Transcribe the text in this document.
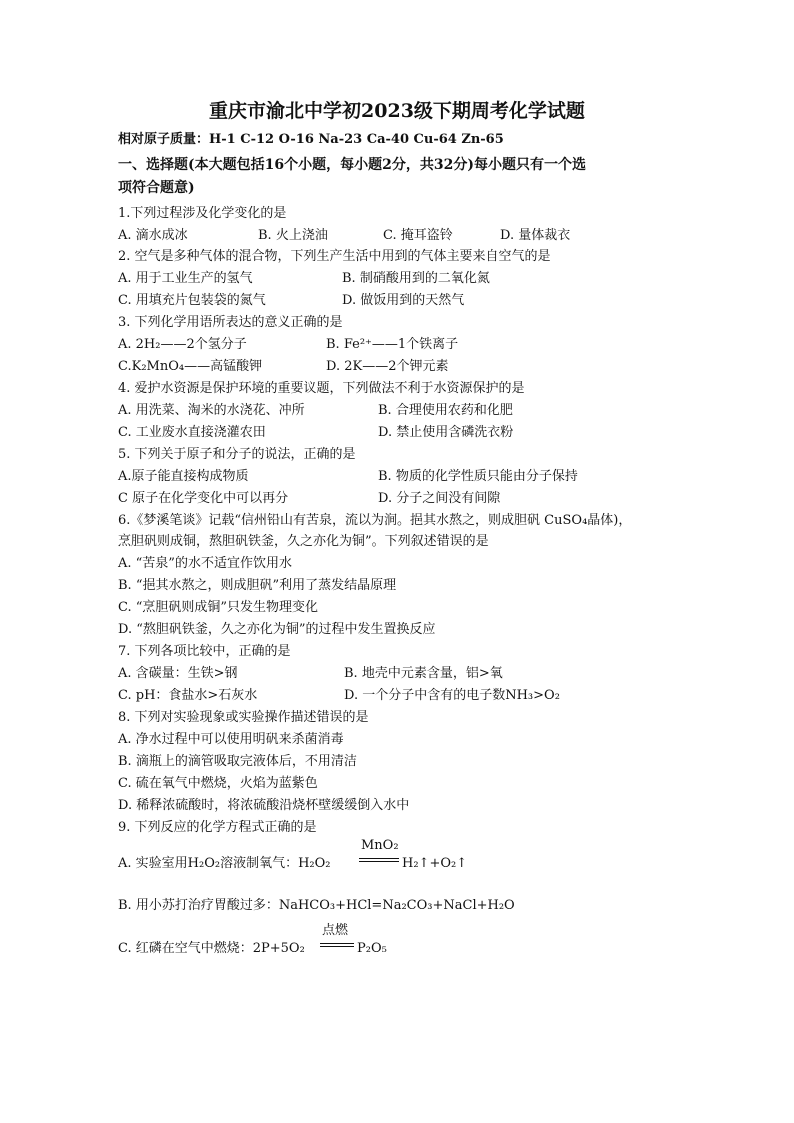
重庆市渝北中学初2023级下期周考化学试题
相对原子质量：H-1 C-12 O-16 Na-23 Ca-40 Cu-64 Zn-65
一、选择题(本大题包括16个小题，每小题2分，共32分)每小题只有一个选
项符合题意)
1.下列过程涉及化学变化的是
A. 滴水成冰	B. 火上浇油	C. 掩耳盗铃	D. 量体裁衣
2. 空气是多种气体的混合物，下列生产生活中用到的气体主要来自空气的是
A. 用于工业生产的氢气	B. 制硝酸用到的二氧化氮
C. 用填充片包装袋的氮气	D. 做饭用到的天然气
3. 下列化学用语所表达的意义正确的是
A. 2H₂——2个氢分子	B. Fe²⁺——1个铁离子
C.K₂MnO₄——高锰酸钾	D. 2K——2个钾元素
4. 爱护水资源是保护环境的重要议题，下列做法不利于水资源保护的是
A. 用洗菜、淘米的水浇花、冲所	B. 合理使用农药和化肥
C. 工业废水直接浇灌农田	D. 禁止使用含磷洗衣粉
5. 下列关于原子和分子的说法，正确的是
A.原子能直接构成物质	B. 物质的化学性质只能由分子保持
C 原子在化学变化中可以再分	D. 分子之间没有间隙
6.《梦溪笔谈》记载“信州铅山有苦泉，流以为涧。挹其水熬之，则成胆矾 CuSO₄晶体)，
烹胆矾则成铜，熬胆矾铁釜，久之亦化为铜”。下列叙述错误的是
A. “苦泉”的水不适宜作饮用水
B. “挹其水熬之，则成胆矾”利用了蒸发结晶原理
C. “烹胆矾则成铜”只发生物理变化
D. “熬胆矾铁釜，久之亦化为铜”的过程中发生置换反应
7. 下列各项比较中，正确的是
A. 含碳量：生铁>钢	B. 地壳中元素含量，铝>氧
C. pH：食盐水>石灰水	D. 一个分子中含有的电子数NH₃>O₂
8. 下列对实验现象或实验操作描述错误的是
A. 净水过程中可以使用明矾来杀菌消毒
B. 滴瓶上的滴管吸取完液体后，不用清洁
C. 硫在氧气中燃烧，火焰为蓝紫色
D. 稀释浓硫酸时，将浓硫酸沿烧杯壁缓缓倒入水中
9. 下列反应的化学方程式正确的是
A. 实验室用H₂O₂溶液制氧气：H₂O₂
MnO₂
H₂↑+O₂↑
B. 用小苏打治疗胃酸过多：NaHCO₃+HCl=Na₂CO₃+NaCl+H₂O
C. 红磷在空气中燃烧：2P+5O₂
点燃
P₂O₅
